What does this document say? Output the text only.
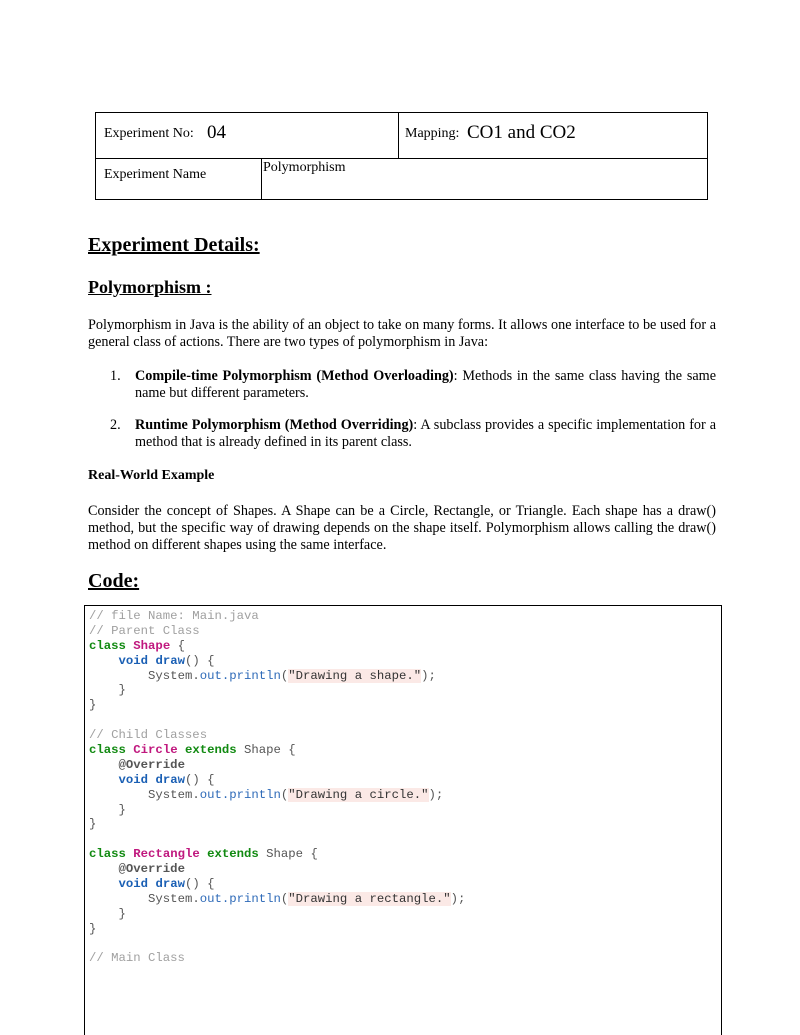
Experiment No: 04	Mapping: CO1 and CO2
Experiment Name	Polymorphism
Experiment Details:
Polymorphism :
Polymorphism in Java is the ability of an object to take on many forms. It allows one interface to be used for a general class of actions. There are two types of polymorphism in Java:
1. Compile-time Polymorphism (Method Overloading): Methods in the same class having the same name but different parameters.
2. Runtime Polymorphism (Method Overriding): A subclass provides a specific implementation for a method that is already defined in its parent class.
Real-World Example
Consider the concept of Shapes. A Shape can be a Circle, Rectangle, or Triangle. Each shape has a draw() method, but the specific way of drawing depends on the shape itself. Polymorphism allows calling the draw() method on different shapes using the same interface.
Code:
// file Name: Main.java
// Parent Class
class Shape {
void draw() {
System.out.println("Drawing a shape.");
}
}

// Child Classes
class Circle extends Shape {
@Override
void draw() {
System.out.println("Drawing a circle.");
}
}

class Rectangle extends Shape {
@Override
void draw() {
System.out.println("Drawing a rectangle.");
}
}

// Main Class
